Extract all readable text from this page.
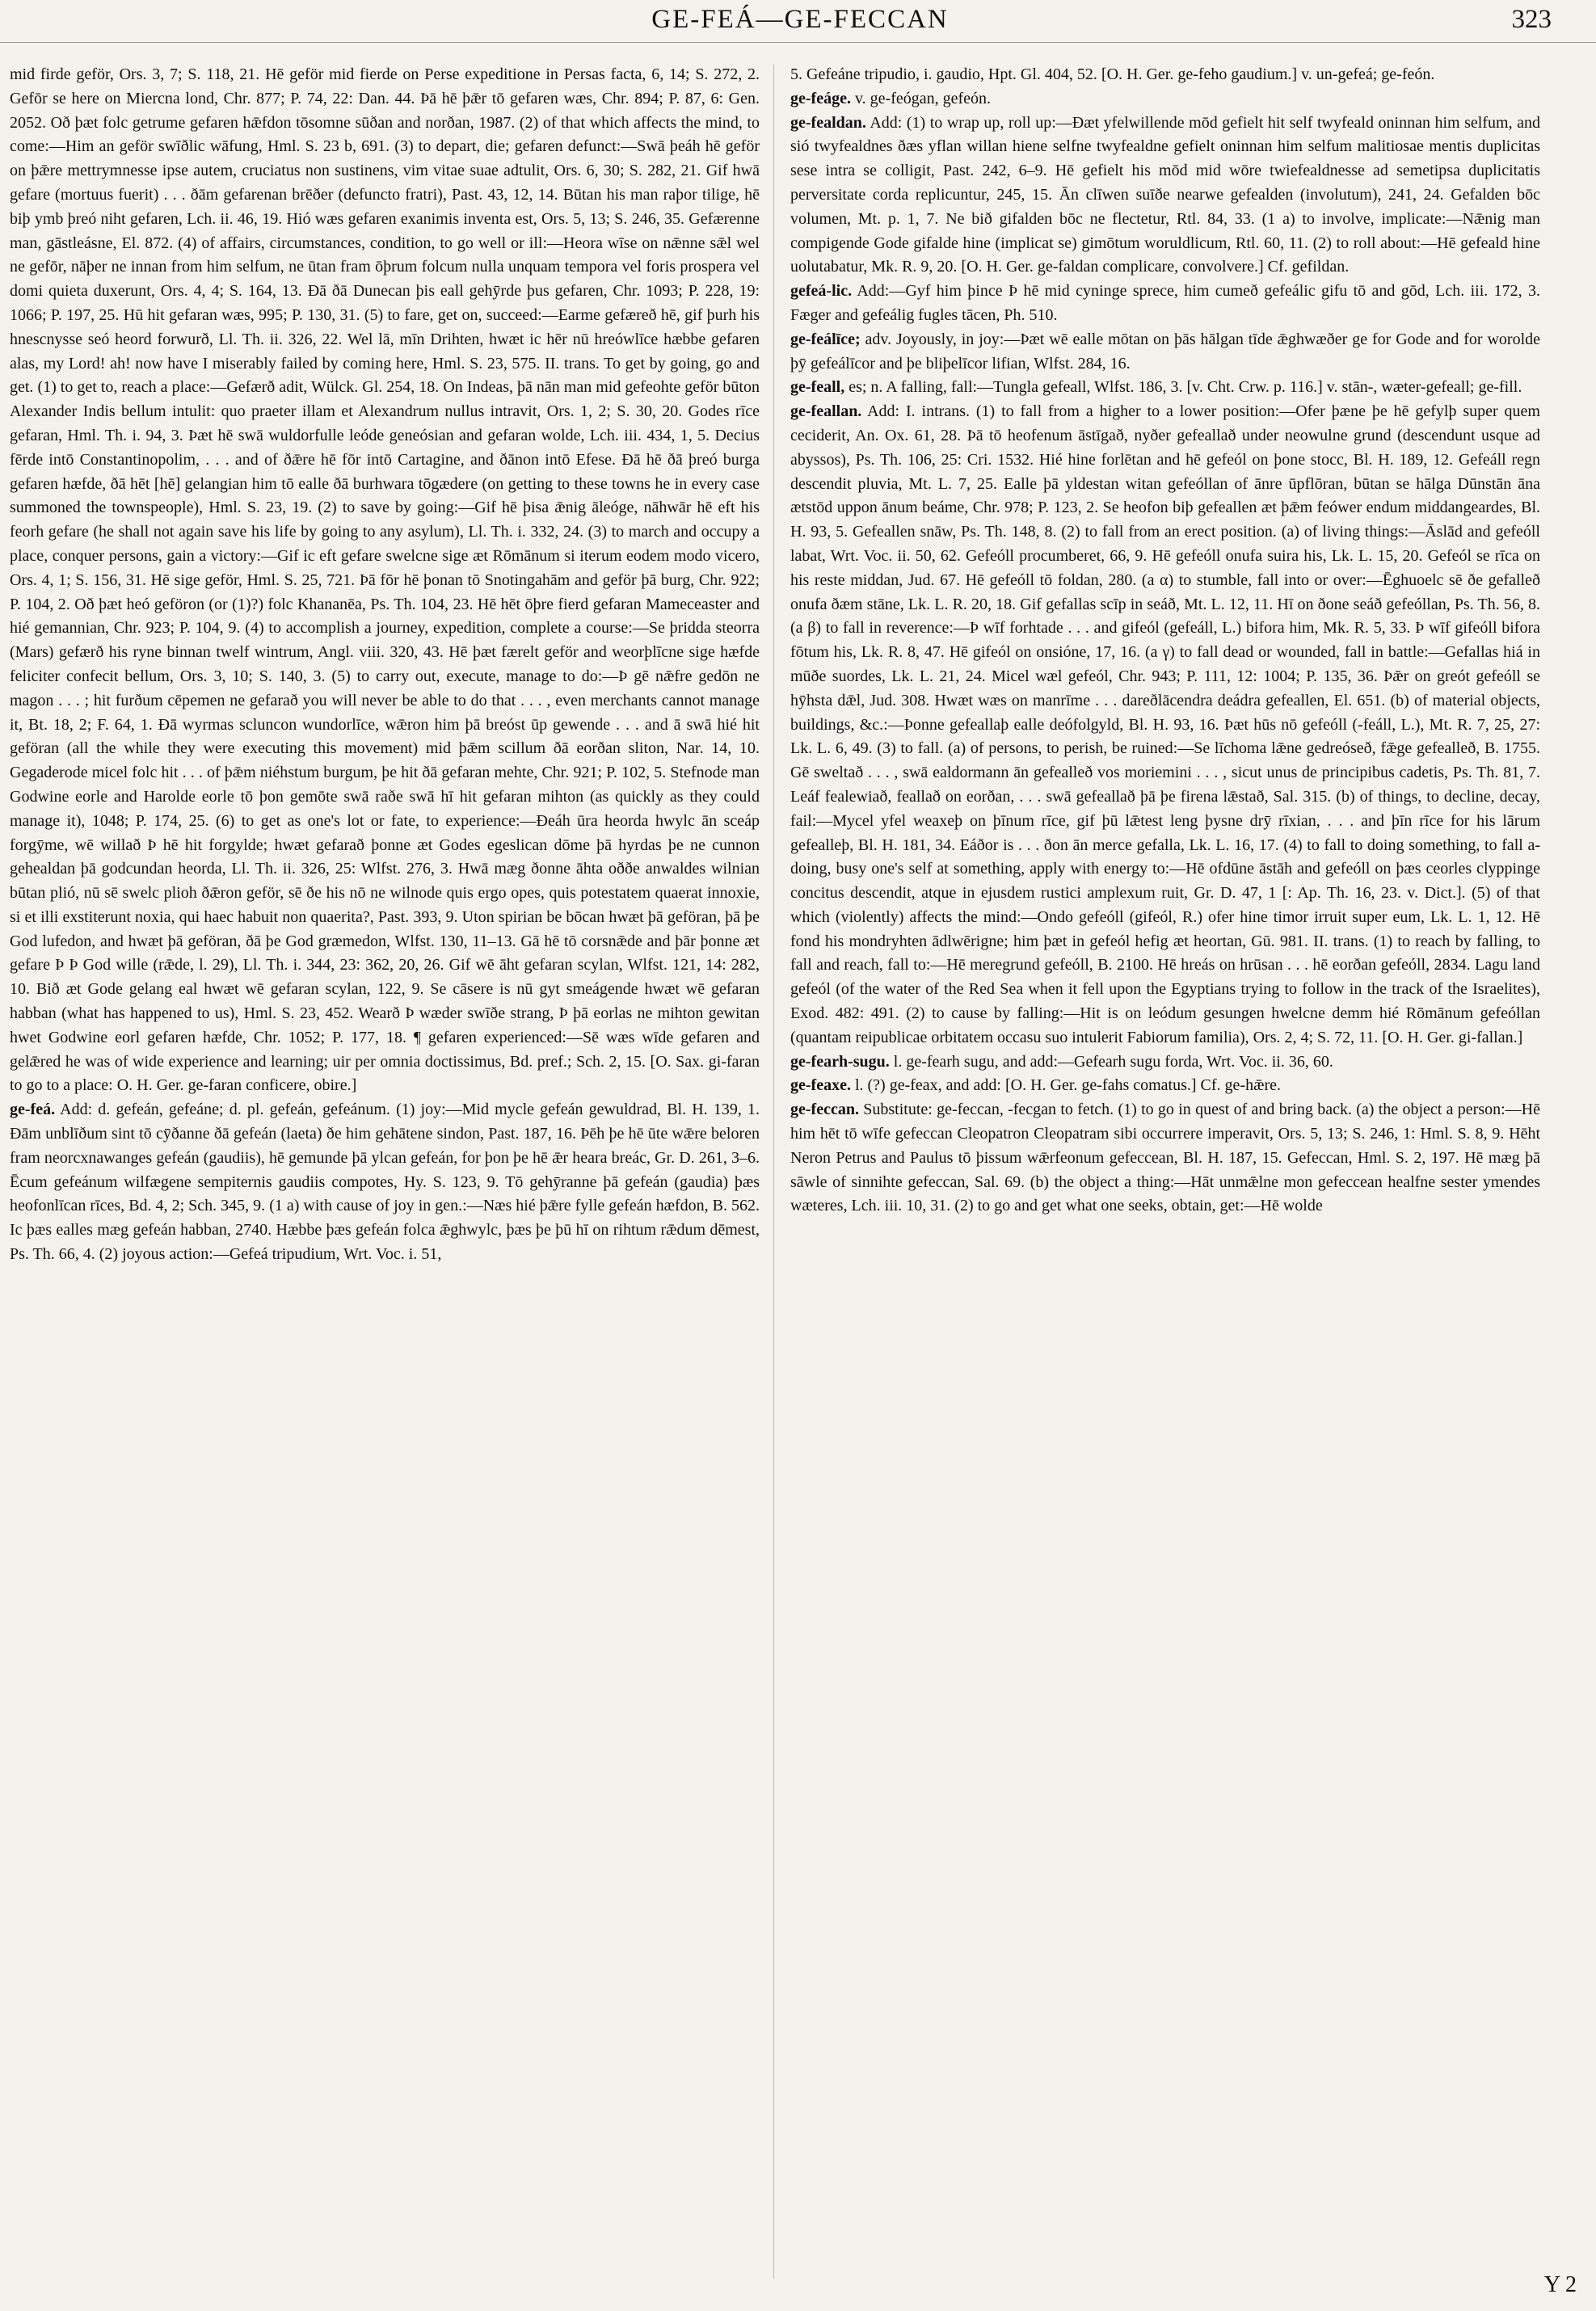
GE-FEÁ—GE-FECCAN	323

mid firde geför, Ors. 3, 7; S. 118, 21. Hē geför mid fierde on Perse expeditione in Persas facta, 6, 14; S. 272, 2. Gefōr se here on Miercna lond, Chr. 877; P. 74, 22: Dan. 44. Þā hē þǣr tō gefaren wæs, Chr. 894; P. 87, 6: Gen. 2052. Oð þæt folc getrume gefaren hǣfdon tōsomne sūðan and norðan, 1987. (2) of that which affects the mind, to come:—Him an geför swīðlic wāfung, Hml. S. 23 b, 691. (3) to depart, die; gefaren defunct:—Swā þeáh hē geför on þǣre mettrymnesse ipse autem, cruciatus non sustinens, vim vitae suae adtulit, Ors. 6, 30; S. 282, 21. Gif hwā gefare (mortuus fuerit) . . . ðām gefarenan brēðer (defuncto fratri), Past. 43, 12, 14. Būtan his man raþor tilige, hē biþ ymb þreó niht gefaren, Lch. ii. 46, 19. Hió wæs gefaren exanimis inventa est, Ors. 5, 13; S. 246, 35. Gefærenne man, gāstleásne, El. 872. (4) of affairs, circumstances, condition, to go well or ill:—Heora wīse on nǣnne sǣl wel ne gefōr, nāþer ne innan from him selfum, ne ūtan fram ōþrum folcum nulla unquam tempora vel foris prospera vel domi quieta duxerunt, Ors. 4, 4; S. 164, 13. Ðā ðā Dunecan þis eall gehȳrde þus gefaren, Chr. 1093; P. 228, 19: 1066; P. 197, 25. Hū hit gefaran wæs, 995; P. 130, 31. (5) to fare, get on, succeed:—Earme gefæreð hē, gif þurh his hnescnysse seó heord forwurð, Ll. Th. ii. 326, 22. Wel lā, mīn Drihten, hwæt ic hēr nū hreówlīce hæbbe gefaren alas, my Lord! ah! now have I miserably failed by coming here, Hml. S. 23, 575. II. trans. To get by going, go and get. (1) to get to, reach a place:—Gefærð adit, Wülck. Gl. 254, 18. On Indeas, þā nān man mid gefeohte geför būton Alexander Indis bellum intulit: quo praeter illam et Alexandrum nullus intravit, Ors. 1, 2; S. 30, 20. Godes rīce gefaran, Hml. Th. i. 94, 3. Þæt hē swā wuldorfulle leóde geneósian and gefaran wolde, Lch. iii. 434, 1, 5. Decius fērde intō Constantinopolim, . . . and of ðǣre hē fōr intō Cartagine, and ðānon intō Efese. Ðā hē ðā þreó burga gefaren hæfde, ðā hēt [hē] gelangian him tō ealle ðā burhwara tōgædere (on getting to these towns he in every case summoned the townspeople), Hml. S. 23, 19. (2) to save by going:—Gif hē þisa ǣnig āleóge, nāhwār hē eft his feorh gefare (he shall not again save his life by going to any asylum), Ll. Th. i. 332, 24. (3) to march and occupy a place, conquer persons, gain a victory:—Gif ic eft gefare swelcne sige æt Rōmānum si iterum eodem modo vicero, Ors. 4, 1; S. 156, 31. Hē sige geför, Hml. S. 25, 721. Þā fōr hē þonan tō Snotingahām and geför þā burg, Chr. 922; P. 104, 2. Oð þæt heó geföron (or (1)?) folc Khananēa, Ps. Th. 104, 23. Hē hēt ōþre fierd gefaran Mameceaster and hié gemannian, Chr. 923; P. 104, 9. (4) to accomplish a journey, expedition, complete a course:—Se þridda steorra (Mars) gefærð his ryne binnan twelf wintrum, Angl. viii. 320, 43. Hē þæt færelt geför and weorþlīcne sige hæfde feliciter confecit bellum, Ors. 3, 10; S. 140, 3. (5) to carry out, execute, manage to do:—Þ gē nǣfre gedōn ne magon . . . ; hit furðum cēpemen ne gefarað you will never be able to do that . . . , even merchants cannot manage it, Bt. 18, 2; F. 64, 1. Ðā wyrmas scluncon wundorlīce, wǣron him þā breóst ūp gewende . . . and ā swā hié hit geföran (all the while they were executing this movement) mid þǣm scillum ðā eorðan sliton, Nar. 14, 10. Gegaderode micel folc hit . . . of þǣm niéhstum burgum, þe hit ðā gefaran mehte, Chr. 921; P. 102, 5. Stefnode man Godwine eorle and Harolde eorle tō þon gemōte swā raðe swā hī hit gefaran mihton (as quickly as they could manage it), 1048; P. 174, 25. (6) to get as one's lot or fate, to experience:—Ðeáh ūra heorda hwylc ān sceáp forgȳme, wē willað Þ hē hit forgylde; hwæt gefarað þonne æt Godes egeslican dōme þā hyrdas þe ne cunnon gehealdan þā godcundan heorda, Ll. Th. ii. 326, 25: Wlfst. 276, 3. Hwā mæg ðonne āhta oððe anwaldes wilnian būtan plió, nū sē swelc plioh ðǣron geför, sē ðe his nō ne wilnode quis ergo opes, quis potestatem quaerat innoxie, si et illi exstiterunt noxia, qui haec habuit non quaerita?, Past. 393, 9. Uton spirian be bōcan hwæt þā geföran, þā þe God lufedon, and hwæt þā geföran, ðā þe God græmedon, Wlfst. 130, 11–13. Gā hē tō corsnǣde and þār þonne æt gefare Þ Þ God wille (rǣde, l. 29), Ll. Th. i. 344, 23: 362, 20, 26. Gif wē āht gefaran scylan, Wlfst. 121, 14: 282, 10. Bið æt Gode gelang eal hwæt wē gefaran scylan, 122, 9. Se cāsere is nū gyt smeágende hwæt wē gefaran habban (what has happened to us), Hml. S. 23, 452. Wearð Þ wæder swīðe strang, Þ þā eorlas ne mihton gewitan hwet Godwine eorl gefaren hæfde, Chr. 1052; P. 177, 18. ¶ gefaren experienced:—Sē wæs wīde gefaren and gelǣred he was of wide experience and learning; uir per omnia doctissimus, Bd. pref.; Sch. 2, 15. [O. Sax. gi-faran to go to a place: O. H. Ger. ge-faran conficere, obire.]

ge-feá. Add: d. gefeán, gefeáne; d. pl. gefeán, gefeánum. (1) joy:—Mid mycle gefeán gewuldrad, Bl. H. 139, 1. Ðām unblīðum sint tō cȳðanne ðā gefeán (laeta) ðe him gehātene sindon, Past. 187, 16. Þēh þe hē ūte wǣre beloren fram neorcxnawanges gefeán (gaudiis), hē gemunde þā ylcan gefeán, for þon þe hē ǣr hearа breác, Gr. D. 261, 3–6. Ēcum gefeánum wilfægene sempiternis gaudiis compotes, Hy. S. 123, 9. Tō gehȳranne þā gefeán (gaudia) þæs heofonlīcan rīces, Bd. 4, 2; Sch. 345, 9. (1 a) with cause of joy in gen.:—Næs hié þǣre fylle gefeán hæfdon, B. 562. Ic þæs ealles mæg gefeán habban, 2740. Hæbbe þæs gefeán folca ǣghwylc, þæs þe þū hī on rihtum rǣdum dēmest, Ps. Th. 66, 4. (2) joyous action:—Gefeá tripudium, Wrt. Voc. i. 51,

5. Gefeáne tripudio, i. gaudio, Hpt. Gl. 404, 52. [O. H. Ger. ge-feho gaudium.] v. un-gefeá; ge-feón.

ge-feáge. v. ge-feógan, gefeón.

ge-fealdan. Add: (1) to wrap up, roll up:—Ðæt yfelwillende mōd gefielt hit self twyfeald oninnan him selfum, and sió twyfealdnes ðæs yflan willan hiene selfne twyfealdne gefielt oninnan him selfum malitiosae mentis duplicitas sese intra se colligit, Past. 242, 6–9. Hē gefielt his mōd mid wōre twiefealdnesse ad semetipsa duplicitatis perversitate corda replicuntur, 245, 15. Ān clīwen suīðe nearwe gefealden (involutum), 241, 24. Gefalden bōc volumen, Mt. p. 1, 7. Ne bið gifalden bōc ne flectetur, Rtl. 84, 33. (1 a) to involve, implicate:—Nǣnig man compigende Gode gifalde hine (implicat se) gimōtum woruldlicum, Rtl. 60, 11. (2) to roll about:—Hē gefeald hine uolutabatur, Mk. R. 9, 20. [O. H. Ger. ge-faldan complicare, convolvere.] Cf. gefildan.

gefeá-lic. Add:—Gyf him þince Þ hē mid cyninge sprece, him cumeð gefeálic gifu tō and gōd, Lch. iii. 172, 3. Fæger and gefeálig fugles tācen, Ph. 510.

ge-feálīce; adv. Joyously, in joy:—Þæt wē ealle mōtan on þās hālgan tīde ǣghwæðer ge for Gode and for worolde þȳ gefeálīcor and þe bliþelīcor lifian, Wlfst. 284, 16.

ge-feall, es; n. A falling, fall:—Tungla gefeall, Wlfst. 186, 3. [v. Cht. Crw. p. 116.] v. stān-, wæter-gefeall; ge-fill.

ge-feallan. Add: I. intrans. (1) to fall from a higher to a lower position:—Ofer þæne þe hē gefylþ super quem ceciderit, An. Ox. 61, 28. Þā tō heofenum āstīgað, nyðer gefeallað under neowulne grund (descendunt usque ad abyssos), Ps. Th. 106, 25: Cri. 1532. Hié hine forlētan and hē gefeól on þone stocc, Bl. H. 189, 12. Gefeáll regn descendit pluvia, Mt. L. 7, 25. Ealle þā yldestan witan gefeóllan of ānre ūpflōran, būtan se hālga Dūnstān āna ætstōd uppon ānum beáme, Chr. 978; P. 123, 2. Se heofon biþ gefeallen æt þǣm feówer endum middangeardes, Bl. H. 93, 5. Gefeallen snāw, Ps. Th. 148, 8. (2) to fall from an erect position. (a) of living things:—Āslād and gefeóll labat, Wrt. Voc. ii. 50, 62. Gefeóll procumberet, 66, 9. Hē gefeóll onufa suira his, Lk. L. 15, 20. Gefeól se rīca on his reste middan, Jud. 67. Hē gefeóll tō foldan, 280. (a α) to stumble, fall into or over:—Ēghuoelc sē ðe gefalleð onufa ðæm stāne, Lk. L. R. 20, 18. Gif gefallas scīp in seáð, Mt. L. 12, 11. Hī on ðone seáð gefeóllan, Ps. Th. 56, 8. (a β) to fall in reverence:—Þ wīf forhtade . . . and gifeól (gefeáll, L.) bifora him, Mk. R. 5, 33. Þ wīf gifeóll bifora fōtum his, Lk. R. 8, 47. Hē gifeól on onsióne, 17, 16. (a γ) to fall dead or wounded, fall in battle:—Gefallas hiá in mūðe suordes, Lk. L. 21, 24. Micel wæl gefeól, Chr. 943; P. 111, 12: 1004; P. 135, 36. Þǣr on greót gefeóll se hȳhsta dǣl, Jud. 308. Hwæt wæs on manrīme . . . dareðlācendra deádra gefeallen, El. 651. (b) of material objects, buildings, &c.:—Þonne gefeallaþ ealle deófolgyld, Bl. H. 93, 16. Þæt hūs nō gefeóll (-feáll, L.), Mt. R. 7, 25, 27: Lk. L. 6, 49. (3) to fall. (a) of persons, to perish, be ruined:—Se līchoma lǣne gedreóseð, fǣge gefealleð, B. 1755. Gē sweltað . . . , swā ealdormann ān gefealleð vos moriemini . . . , sicut unus de principibus cadetis, Ps. Th. 81, 7. Leáf fealewiað, feallað on eorðan, . . . swā gefeallað þā þe firena lǣstað, Sal. 315. (b) of things, to decline, decay, fail:—Mycel yfel weaxeþ on þīnum rīce, gif þū lǣtest leng þysne drȳ rīxian, . . . and þīn rīce for his lārum gefealleþ, Bl. H. 181, 34. Eáðor is . . . ðon ān merce gefalla, Lk. L. 16, 17. (4) to fall to doing something, to fall a-doing, busy one's self at something, apply with energy to:—Hē ofdūne āstāh and gefeóll on þæs ceorles clyppinge concitus descendit, atque in ejusdem rustici amplexum ruit, Gr. D. 47, 1 [: Ap. Th. 16, 23. v. Dict.]. (5) of that which (violently) affects the mind:—Ondo gefeóll (gifeól, R.) ofer hine timor irruit super eum, Lk. L. 1, 12. Hē fond his mondryhten ādlwērigne; him þæt in gefeól hefig æt heortan, Gū. 981. II. trans. (1) to reach by falling, to fall and reach, fall to:—Hē meregrund gefeóll, B. 2100. Hē hreás on hrūsan . . . hē eorðan gefeóll, 2834. Lagu land gefeól (of the water of the Red Sea when it fell upon the Egyptians trying to follow in the track of the Israelites), Exod. 482: 491. (2) to cause by falling:—Hit is on leódum gesungen hwelcne demm hié Rōmānum gefeóllan (quantam reipublicae orbitatem occasu suo intulerit Fabiorum familia), Ors. 2, 4; S. 72, 11. [O. H. Ger. gi-fallan.]

ge-fearh-sugu. l. ge-fearh sugu, and add:—Gefearh sugu forda, Wrt. Voc. ii. 36, 60.

ge-feaxe. l. (?) ge-feax, and add: [O. H. Ger. ge-fahs comatus.] Cf. ge-hǣre.

ge-feccan. Substitute: ge-feccan, -fecgan to fetch. (1) to go in quest of and bring back. (a) the object a person:—Hē him hēt tō wīfe gefeccan Cleopatron Cleopatram sibi occurrere imperavit, Ors. 5, 13; S. 246, 1: Hml. S. 8, 9. Hēht Neron Petrus and Paulus tō þissum wǣrfeonum gefeccean, Bl. H. 187, 15. Gefeccan, Hml. S. 2, 197. Hē mæg þā sāwle of sinnihte gefeccan, Sal. 69. (b) the object a thing:—Hāt unmǣlne mon gefeccean healfne sester ymendes wæteres, Lch. iii. 10, 31. (2) to go and get what one seeks, obtain, get:—Hē wolde

Y 2
